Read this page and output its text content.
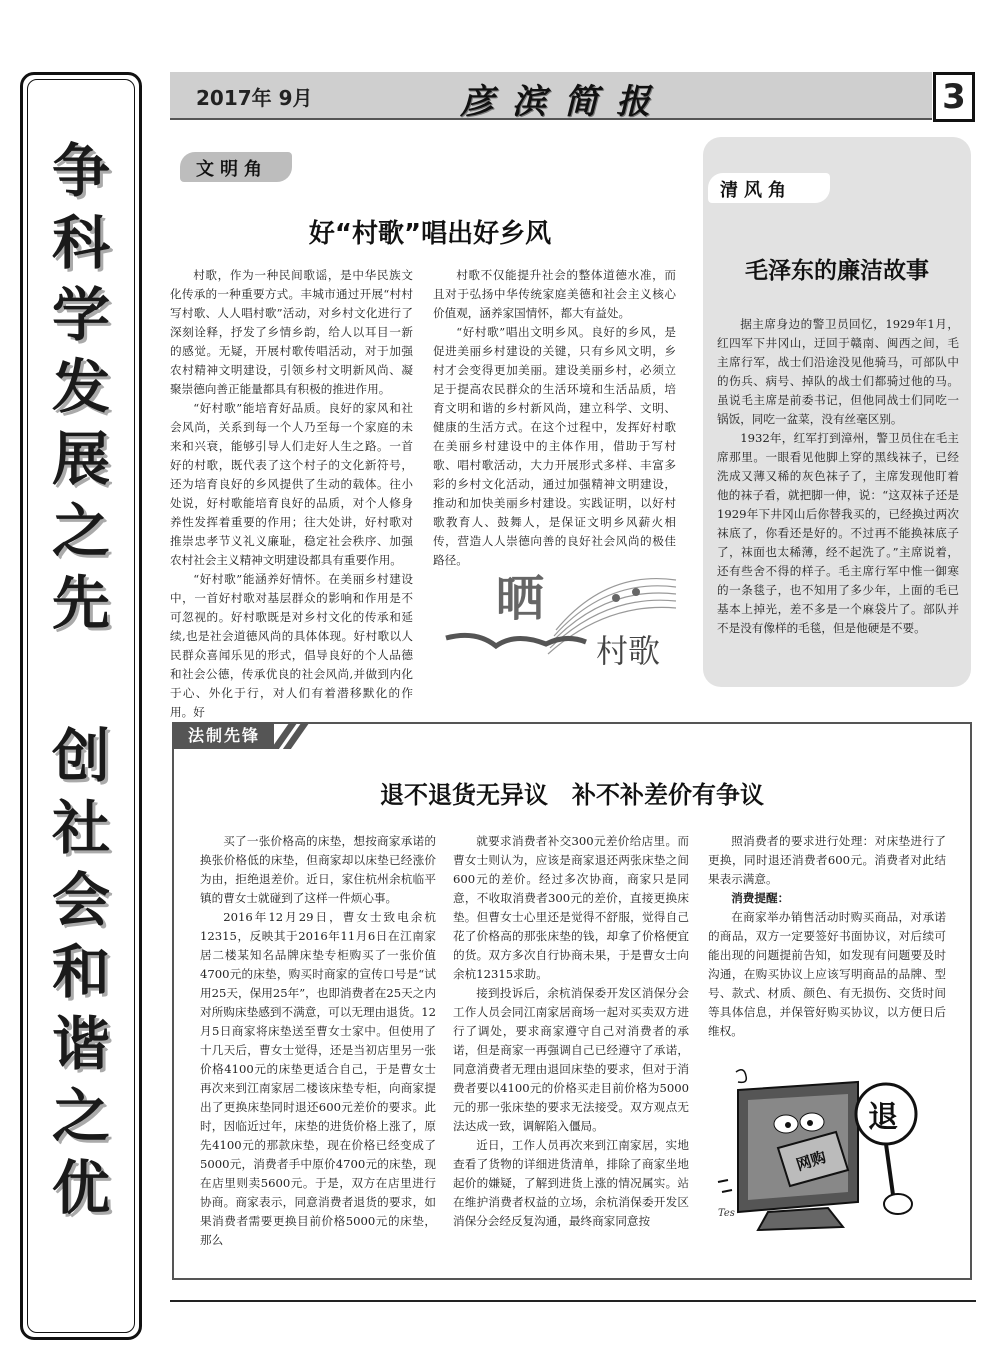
争
科
学
发
展
之
先
创
社
会
和
谐
之
优
2017年 9月	彦滨简报	3
文明角
好“村歌”唱出好乡风

村歌，作为一种民间歌谣，是中华民族文化传承的一种重要方式。丰城市通过开展“村村写村歌、人人唱村歌”活动，对乡村文化进行了深刻诠释，抒发了乡情乡韵，给人以耳目一新的感觉。无疑，开展村歌传唱活动，对于加强农村精神文明建设，引领乡村文明新风尚、凝聚崇德向善正能量都具有积极的推进作用。

“好村歌”能培育好品质。良好的家风和社会风尚，关系到每一个人乃至每一个家庭的未来和兴衰，能够引导人们走好人生之路。一首好的村歌，既代表了这个村子的文化新符号，还为培育良好的乡风提供了生动的载体。往小处说，好村歌能培育良好的品质，对个人修身养性发挥着重要的作用；往大处讲，好村歌对推崇忠孝节义礼义廉耻，稳定社会秩序、加强农村社会主义精神文明建设都具有重要作用。

“好村歌”能涵养好情怀。在美丽乡村建设中，一首好村歌对基层群众的影响和作用是不可忽视的。好村歌既是对乡村文化的传承和延续,也是社会道德风尚的具体体现。好村歌以人民群众喜闻乐见的形式，倡导良好的个人品德和社会公德，传承优良的社会风尚,并做到内化于心、外化于行，对人们有着潜移默化的作用。好

村歌不仅能提升社会的整体道德水准，而且对于弘扬中华传统家庭美德和社会主义核心价值观，涵养家国情怀，都大有益处。

“好村歌”唱出文明乡风。良好的乡风，是促进美丽乡村建设的关键，只有乡风文明，乡村才会变得更加美丽。建设美丽乡村，必须立足于提高农民群众的生活环境和生活品质，培育文明和谐的乡村新风尚，建立科学、文明、健康的生活方式。在这个过程中，发挥好村歌在美丽乡村建设中的主体作用，借助于写村歌、唱村歌活动，大力开展形式多样、丰富多彩的乡村文化活动，通过加强精神文明建设，推动和加快美丽乡村建设。实践证明，以好村歌教育人、鼓舞人，是保证文明乡风薪火相传，营造人人崇德向善的良好社会风尚的极佳路径。

晒
村歌
清风角
毛泽东的廉洁故事

据主席身边的警卫员回忆，1929年1月，红四军下井冈山，迂回于赣南、闽西之间，毛主席行军，战士们沿途没见他骑马，可部队中的伤兵、病号、掉队的战士们都骑过他的马。虽说毛主席是前委书记，但他同战士们同吃一锅饭，同吃一盆菜，没有丝毫区别。

1932年，红军打到漳州，警卫员住在毛主席那里。一眼看见他脚上穿的黑线袜子，已经洗成又薄又稀的灰色袜子了，主席发现他盯着他的袜子看，就把脚一伸，说：“这双袜子还是1929年下井冈山后你替我买的，已经换过两次袜底了，你看还是好的。不过再不能换袜底子了，袜面也太稀薄，经不起洗了。”主席说着，还有些舍不得的样子。毛主席行军中惟一御寒的一条毯子，也不知用了多少年，上面的毛已基本上掉光，差不多是一个麻袋片了。部队并不是没有像样的毛毯，但是他硬是不要。

法制先锋
退不退货无异议　补不补差价有争议

买了一张价格高的床垫，想按商家承诺的换张价格低的床垫，但商家却以床垫已经涨价为由，拒绝退差价。近日，家住杭州余杭临平镇的曹女士就碰到了这样一件烦心事。

2016年12月29日，曹女士致电余杭12315，反映其于2016年11月6日在江南家居二楼某知名品牌床垫专柜购买了一张价值4700元的床垫，购买时商家的宣传口号是“试用25天，保用25年”，也即消费者在25天之内对所购床垫感到不满意，可以无理由退货。12月5日商家将床垫送至曹女士家中。但使用了十几天后，曹女士觉得，还是当初店里另一张价格4100元的床垫更适合自己，于是曹女士再次来到江南家居二楼该床垫专柜，向商家提出了更换床垫同时退还600元差价的要求。此时，因临近过年，床垫的进货价格上涨了，原先4100元的那款床垫，现在价格已经变成了5000元，消费者手中原价4700元的床垫，现在店里则卖5600元。于是，双方在店里进行协商。商家表示，同意消费者退货的要求，如果消费者需要更换目前价格5000元的床垫，那么

就要求消费者补交300元差价给店里。而曹女士则认为，应该是商家退还两张床垫之间600元的差价。经过多次协商，商家只是同意，不收取消费者300元的差价，直接更换床垫。但曹女士心里还是觉得不舒服，觉得自己花了价格高的那张床垫的钱，却拿了价格便宜的货。双方多次自行协商未果，于是曹女士向余杭12315求助。

接到投诉后，余杭消保委开发区消保分会工作人员会同江南家居商场一起对买卖双方进行了调处，要求商家遵守自己对消费者的承诺，但是商家一再强调自己已经遵守了承诺，同意消费者无理由退回床垫的要求，但对于消费者要以4100元的价格买走目前价格为5000元的那一张床垫的要求无法接受。双方观点无法达成一致，调解陷入僵局。

近日，工作人员再次来到江南家居，实地查看了货物的详细进货清单，排除了商家坐地起价的嫌疑，了解到进货上涨的情况属实。站在维护消费者权益的立场，余杭消保委开发区消保分会经反复沟通，最终商家同意按

照消费者的要求进行处理：对床垫进行了更换，同时退还消费者600元。消费者对此结果表示满意。

消费提醒：

在商家举办销售活动时购买商品，对承诺的商品，双方一定要签好书面协议，对后续可能出现的问题提前告知，如发现有问题要及时沟通，在购买协议上应该写明商品的品牌、型号、款式、材质、颜色、有无损伤、交货时间等具体信息，并保管好购买协议，以方便日后维权。

退
网购
Tes
